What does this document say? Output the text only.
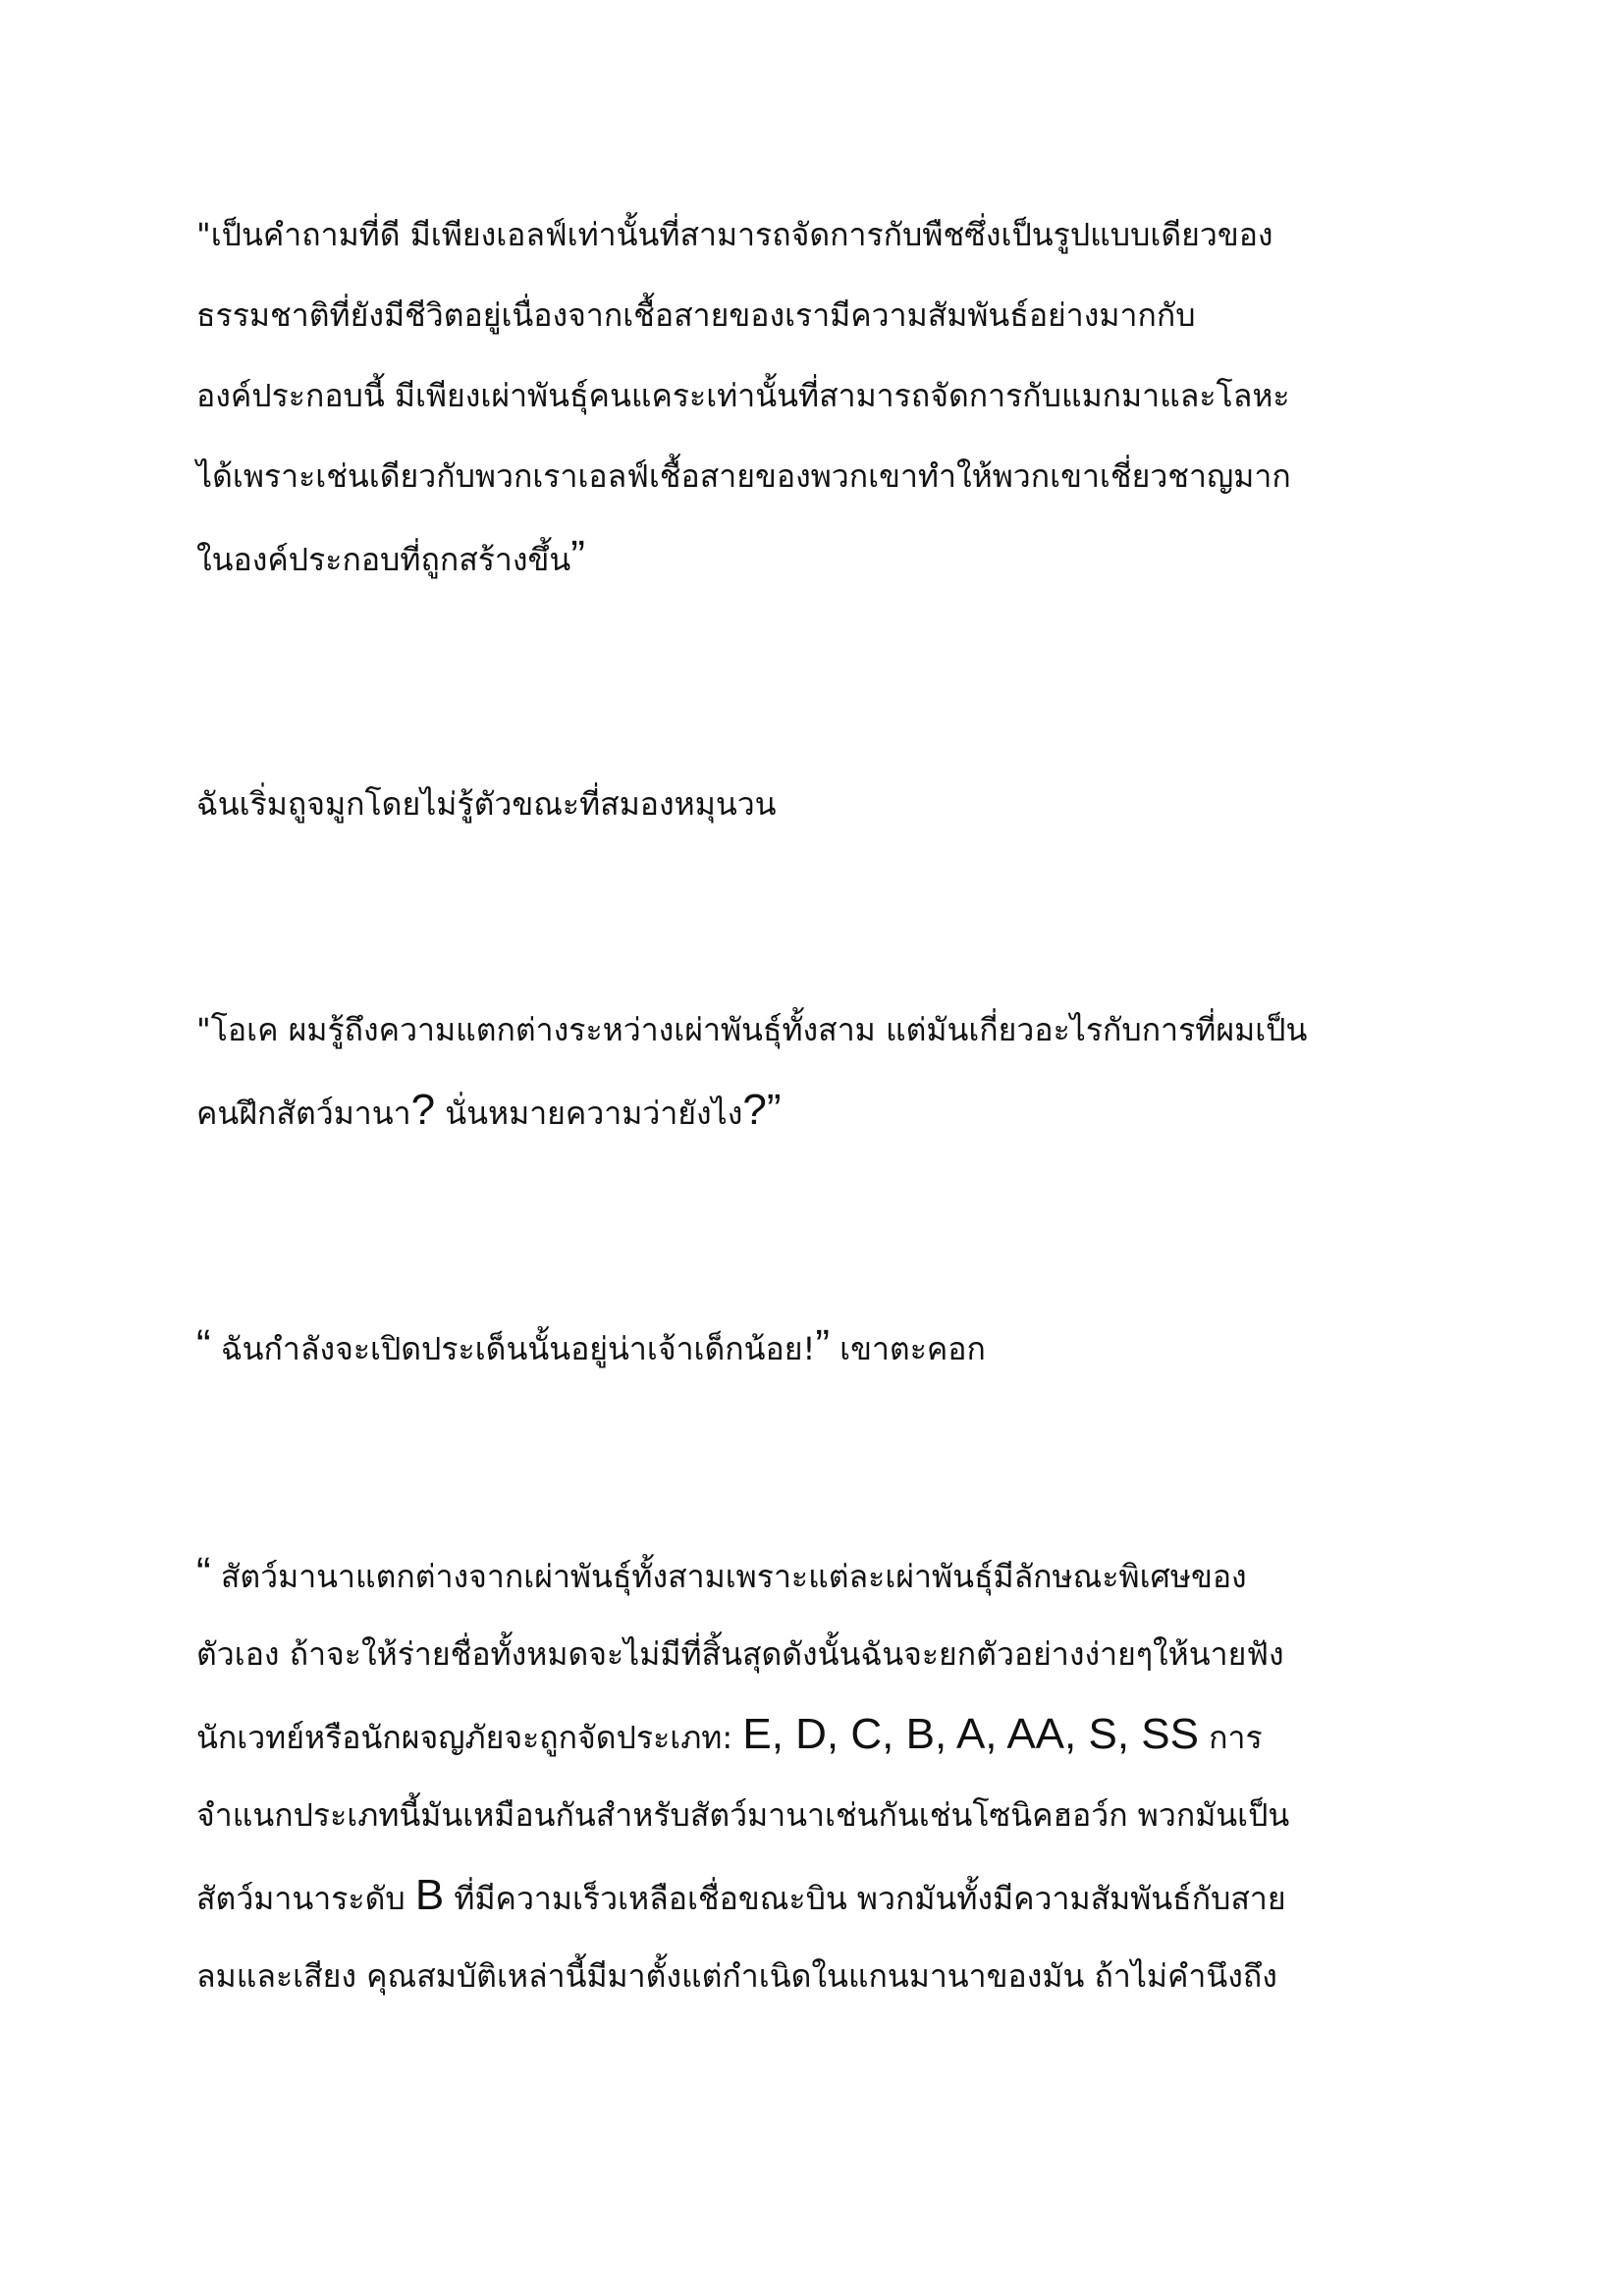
"เป็นคำถามที่ดี มีเพียงเอลฟ์เท่านั้นที่สามารถจัดการกับพืชซึ่งเป็นรูปแบบเดียวของ
ธรรมชาติที่ยังมีชีวิตอยู่เนื่องจากเชื้อสายของเรามีความสัมพันธ์อย่างมากกับ
องค์ประกอบนี้ มีเพียงเผ่าพันธุ์คนแคระเท่านั้นที่สามารถจัดการกับแมกมาและโลหะ
ได้เพราะเช่นเดียวกับพวกเราเอลฟ์เชื้อสายของพวกเขาทำให้พวกเขาเชี่ยวชาญมาก
ในองค์ประกอบที่ถูกสร้างขึ้น”
ฉันเริ่มถูจมูกโดยไม่รู้ตัวขณะที่สมองหมุนวน
"โอเค ผมรู้ถึงความแตกต่างระหว่างเผ่าพันธุ์ทั้งสาม แต่มันเกี่ยวอะไรกับการที่ผมเป็น
คนฝึกสัตว์มานา? นั่นหมายความว่ายังไง?”
“ ฉันกำลังจะเปิดประเด็นนั้นอยู่น่าเจ้าเด็กน้อย!” เขาตะคอก
“ สัตว์มานาแตกต่างจากเผ่าพันธุ์ทั้งสามเพราะแต่ละเผ่าพันธุ์มีลักษณะพิเศษของ
ตัวเอง ถ้าจะให้ร่ายชื่อทั้งหมดจะไม่มีที่สิ้นสุดดังนั้นฉันจะยกตัวอย่างง่ายๆให้นายฟัง
นักเวทย์หรือนักผจญภัยจะถูกจัดประเภท: E, D, C, B, A, AA, S, SS การ
จำแนกประเภทนี้มันเหมือนกันสำหรับสัตว์มานาเช่นกันเช่นโซนิคฮอว์ก พวกมันเป็น
สัตว์มานาระดับ B ที่มีความเร็วเหลือเชื่อขณะบิน พวกมันทั้งมีความสัมพันธ์กับสาย
ลมและเสียง คุณสมบัติเหล่านี้มีมาตั้งแต่กำเนิดในแกนมานาของมัน ถ้าไม่คำนึงถึง
